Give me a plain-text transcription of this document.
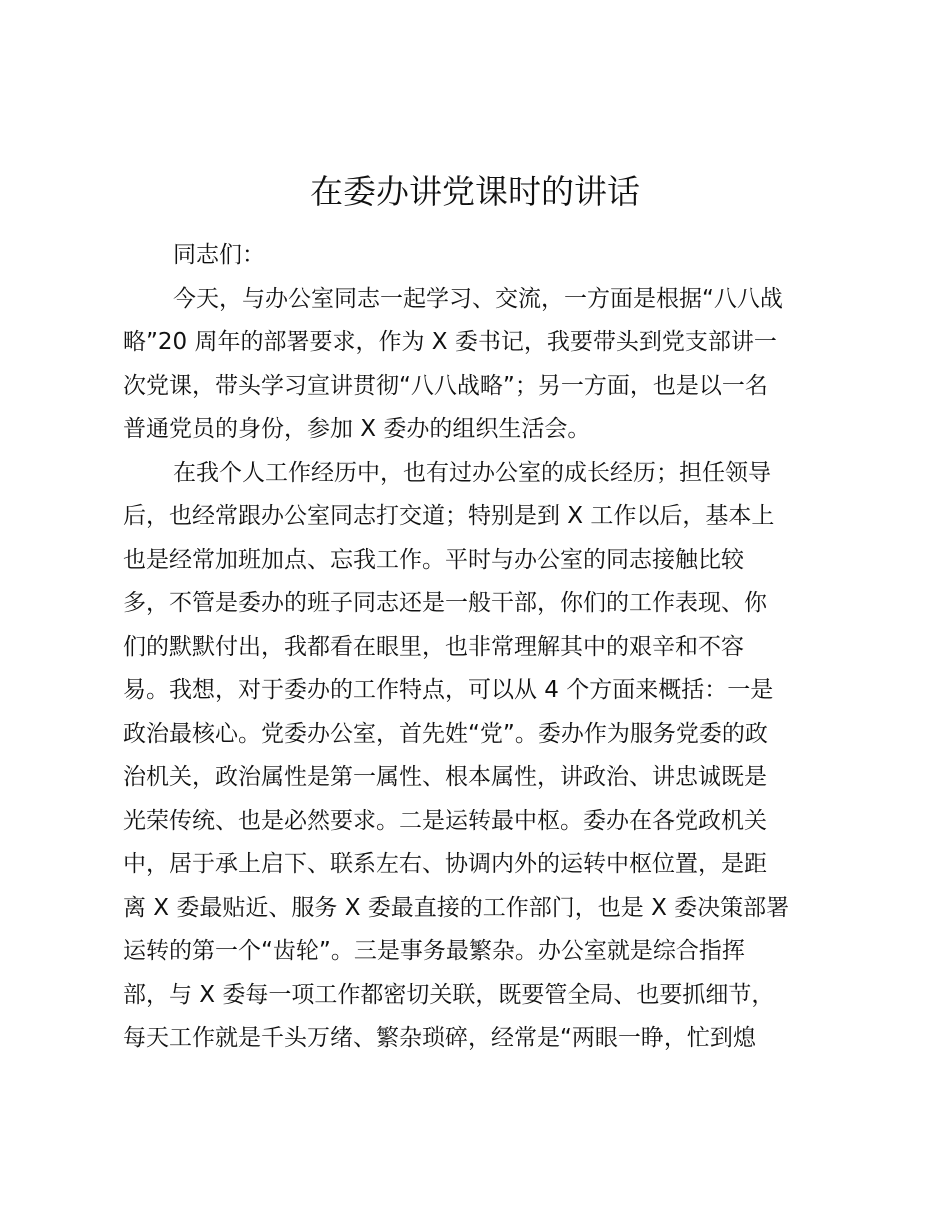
在委办讲党课时的讲话

同志们：

今天，与办公室同志一起学习、交流，一方面是根据“八八战
略”20 周年的部署要求，作为 X 委书记，我要带头到党支部讲一
次党课，带头学习宣讲贯彻“八八战略”；另一方面，也是以一名
普通党员的身份，参加 X 委办的组织生活会。

在我个人工作经历中，也有过办公室的成长经历；担任领导
后，也经常跟办公室同志打交道；特别是到 X 工作以后，基本上
也是经常加班加点、忘我工作。平时与办公室的同志接触比较
多，不管是委办的班子同志还是一般干部，你们的工作表现、你
们的默默付出，我都看在眼里，也非常理解其中的艰辛和不容
易。我想，对于委办的工作特点，可以从 4 个方面来概括：一是
政治最核心。党委办公室，首先姓“党”。委办作为服务党委的政
治机关，政治属性是第一属性、根本属性，讲政治、讲忠诚既是
光荣传统、也是必然要求。二是运转最中枢。委办在各党政机关
中，居于承上启下、联系左右、协调内外的运转中枢位置，是距
离 X 委最贴近、服务 X 委最直接的工作部门，也是 X 委决策部署
运转的第一个“齿轮”。三是事务最繁杂。办公室就是综合指挥
部，与 X 委每一项工作都密切关联，既要管全局、也要抓细节，
每天工作就是千头万绪、繁杂琐碎，经常是“两眼一睁，忙到熄
